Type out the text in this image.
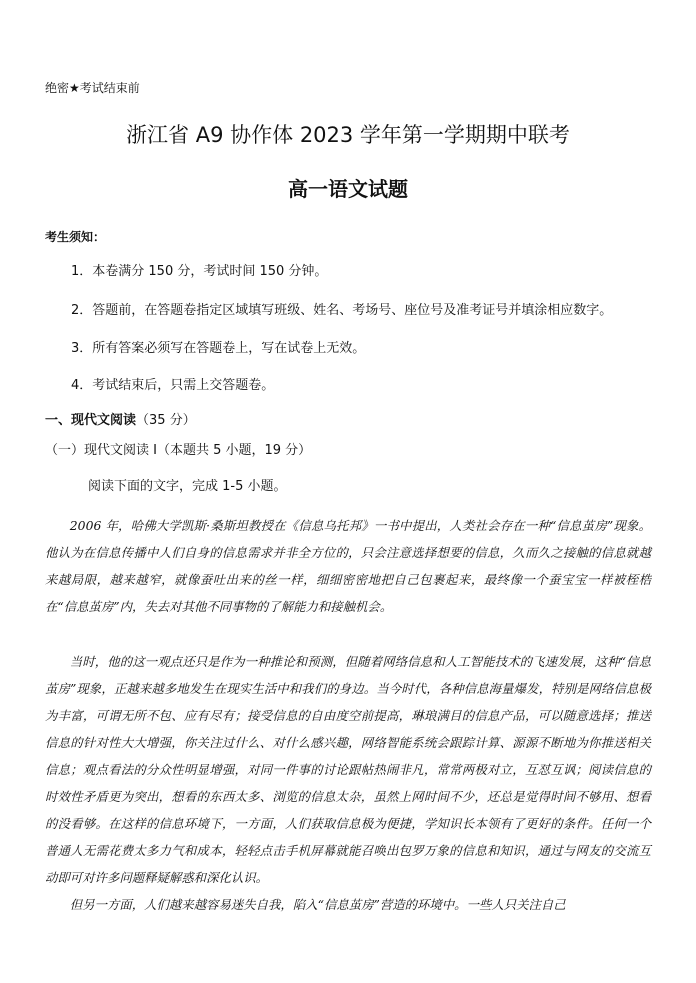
绝密★考试结束前
浙江省 A9 协作体 2023 学年第一学期期中联考
高一语文试题
考生须知：
1．本卷满分 150 分，考试时间 150 分钟。
2．答题前，在答题卷指定区域填写班级、姓名、考场号、座位号及准考证号并填涂相应数字。
3．所有答案必须写在答题卷上，写在试卷上无效。
4．考试结束后，只需上交答题卷。
一、现代文阅读（35 分）
（一）现代文阅读 I（本题共 5 小题，19 分）
阅读下面的文字，完成 1-5 小题。

2006 年，哈佛大学凯斯·桑斯坦教授在《信息乌托邦》一书中提出，人类社会存在一种“信息茧房”现象。他认为在信息传播中人们自身的信息需求并非全方位的，只会注意选择想要的信息，久而久之接触的信息就越来越局限，越来越窄，就像蚕吐出来的丝一样，细细密密地把自己包裹起来，最终像一个蚕宝宝一样被桎梏在“信息茧房”内，失去对其他不同事物的了解能力和接触机会。

当时，他的这一观点还只是作为一种推论和预测，但随着网络信息和人工智能技术的飞速发展，这种“信息茧房”现象，正越来越多地发生在现实生活中和我们的身边。当今时代，各种信息海量爆发，特别是网络信息极为丰富，可谓无所不包、应有尽有；接受信息的自由度空前提高，琳琅满目的信息产品，可以随意选择；推送信息的针对性大大增强，你关注过什么、对什么感兴趣，网络智能系统会跟踪计算、源源不断地为你推送相关信息；观点看法的分众性明显增强，对同一件事的讨论跟帖热闹非凡，常常两极对立，互怼互讽；阅读信息的时效性矛盾更为突出，想看的东西太多、浏览的信息太杂，虽然上网时间不少，还总是觉得时间不够用、想看的没看够。在这样的信息环境下，一方面，人们获取信息极为便捷，学知识长本领有了更好的条件。任何一个普通人无需花费太多力气和成本，轻轻点击手机屏幕就能召唤出包罗万象的信息和知识，通过与网友的交流互动即可对许多问题释疑解惑和深化认识。

但另一方面，人们越来越容易迷失自我，陷入“信息茧房”营造的环境中。一些人只关注自己
